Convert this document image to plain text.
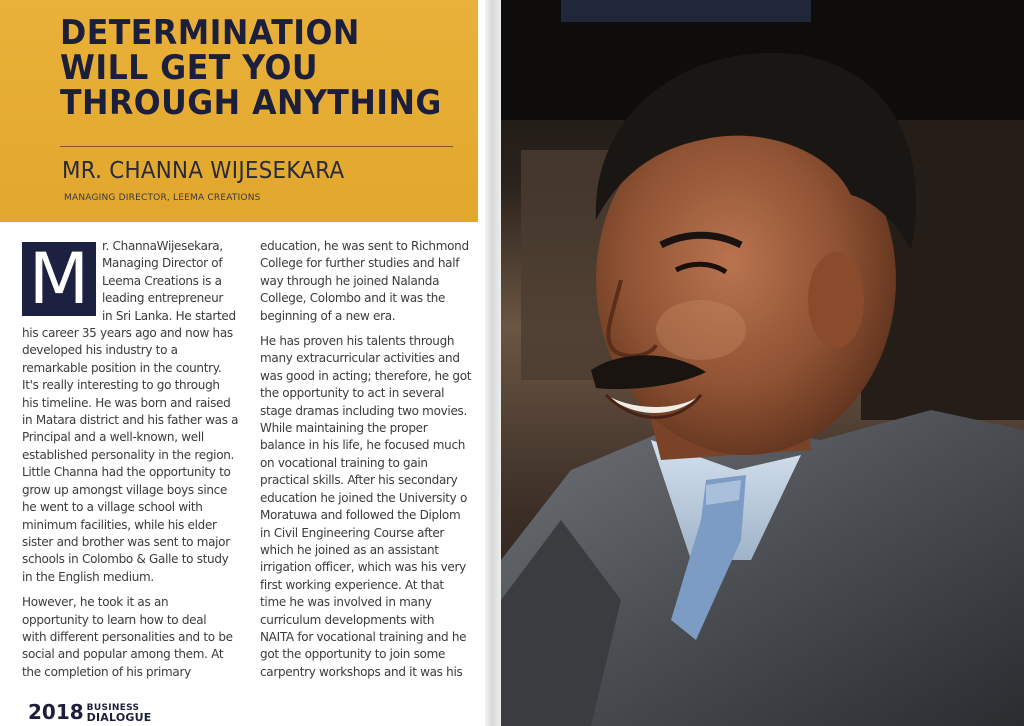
DETERMINATION
WILL GET YOU
THROUGH ANYTHING
MR. CHANNA WIJESEKARA
MANAGING DIRECTOR, LEEMA CREATIONS
M	r. ChannaWijesekara,
Managing Director of
Leema Creations is a
leading entrepreneur
in Sri Lanka. He started
his career 35 years ago and now has
developed his industry to a
remarkable position in the country.
It's really interesting to go through
his timeline. He was born and raised
in Matara district and his father was a
Principal and a well-known, well
established personality in the region.
Little Channa had the opportunity to
grow up amongst village boys since
he went to a village school with
minimum facilities, while his elder
sister and brother was sent to major
schools in Colombo & Galle to study
in the English medium.
However, he took it as an
opportunity to learn how to deal
with different personalities and to be
social and popular among them. At
the completion of his primary
education, he was sent to Richmond
College for further studies and half
way through he joined Nalanda
College, Colombo and it was the
beginning of a new era.
He has proven his talents through
many extracurricular activities and
was good in acting; therefore, he got
the opportunity to act in several
stage dramas including two movies.
While maintaining the proper
balance in his life, he focused much
on vocational training to gain
practical skills. After his secondary
education he joined the University o
Moratuwa and followed the Diplom
in Civil Engineering Course after
which he joined as an assistant
irrigation officer, which was his very
first working experience. At that
time he was involved in many
curriculum developments with
NAITA for vocational training and he
got the opportunity to join some
carpentry workshops and it was his
2018 BUSINESS
DIALOGUE
